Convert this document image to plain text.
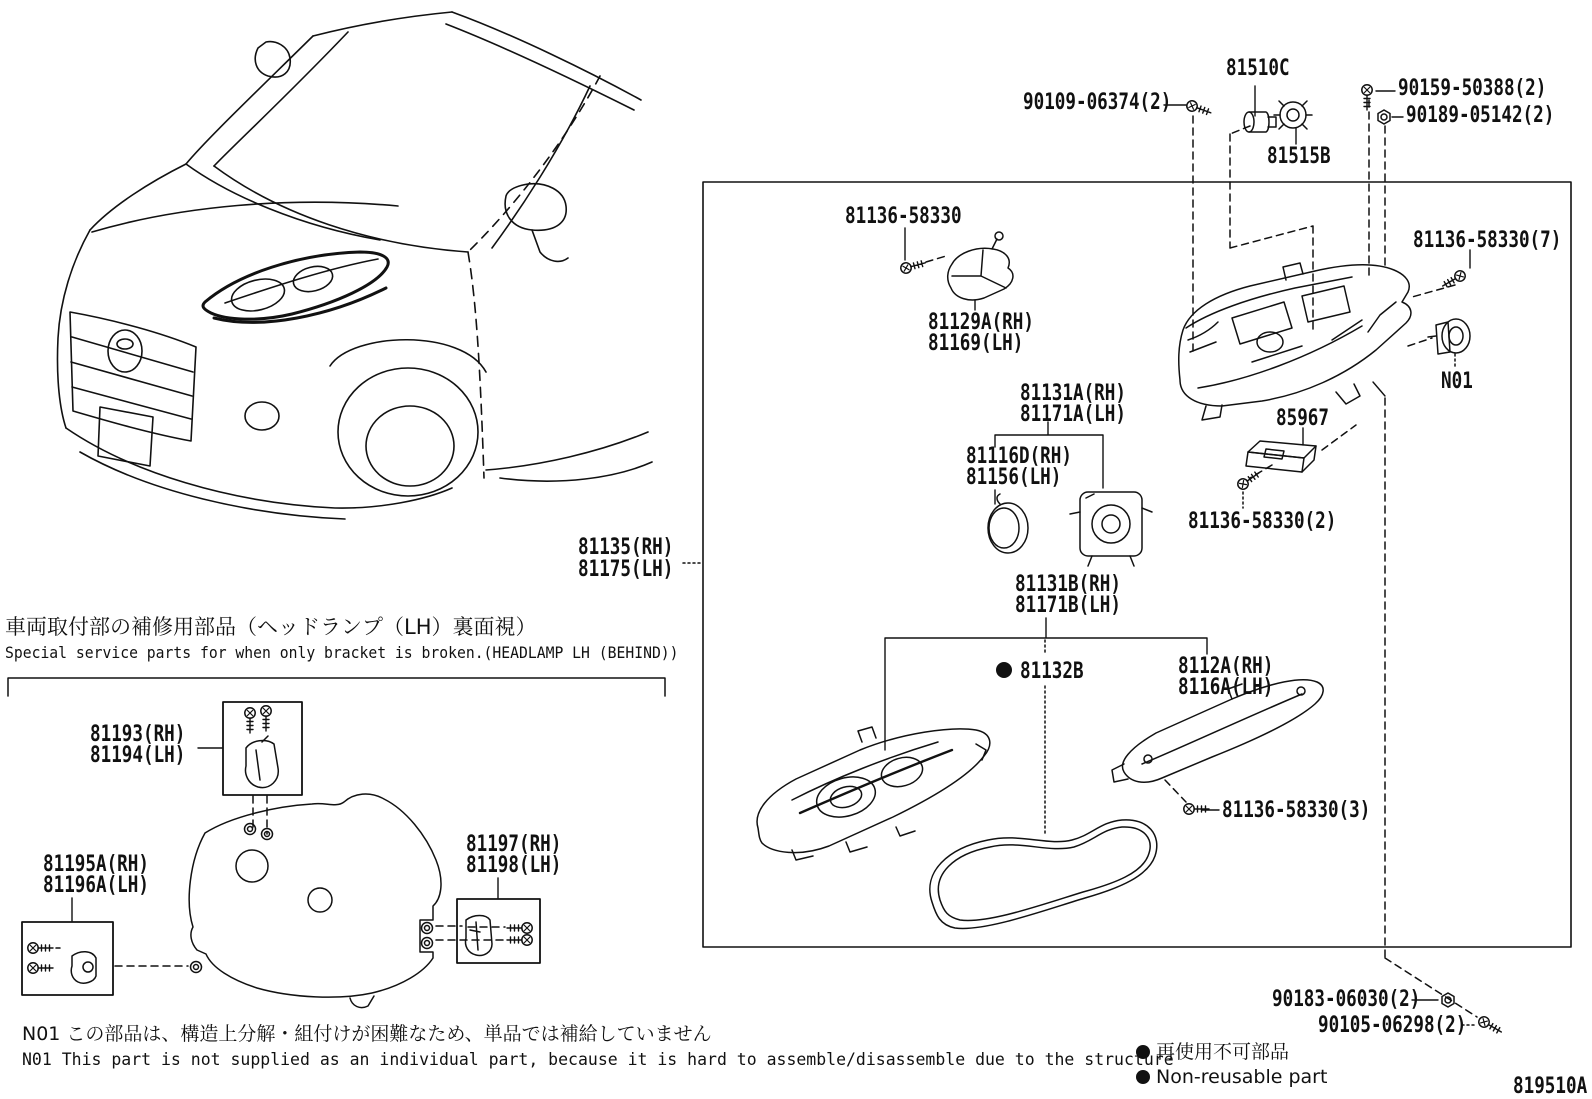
90109-06374(2)
81510C
81515B
90159-50388(2)
90189-05142(2)
81136-58330
81129A(RH)
81169(LH)
81136-58330(7)
N01
85967
81136-58330(2)
81131A(RH)
81171A(LH)
81116D(RH)
81156(LH)
81135(RH)
81175(LH)
81131B(RH)
81171B(LH)
81132B	8112A(RH)
8116A(LH)
81136-58330(3)
81193(RH)
81194(LH)
81195A(RH)
81196A(LH)
81197(RH)
81198(LH)
90183-06030(2)
90105-06298(2)
車両取付部の補修用部品（ヘッドランプ（LH）裏面視）
Special service parts for when only bracket is broken.(HEADLAMP LH (BEHIND))
N01 この部品は、構造上分解・組付けが困難なため、単品では補給していません
N01 This part is not supplied as an individual part, because it is hard to assemble/disassemble due to the structure
再使用不可部品
Non-reusable part	819510A
